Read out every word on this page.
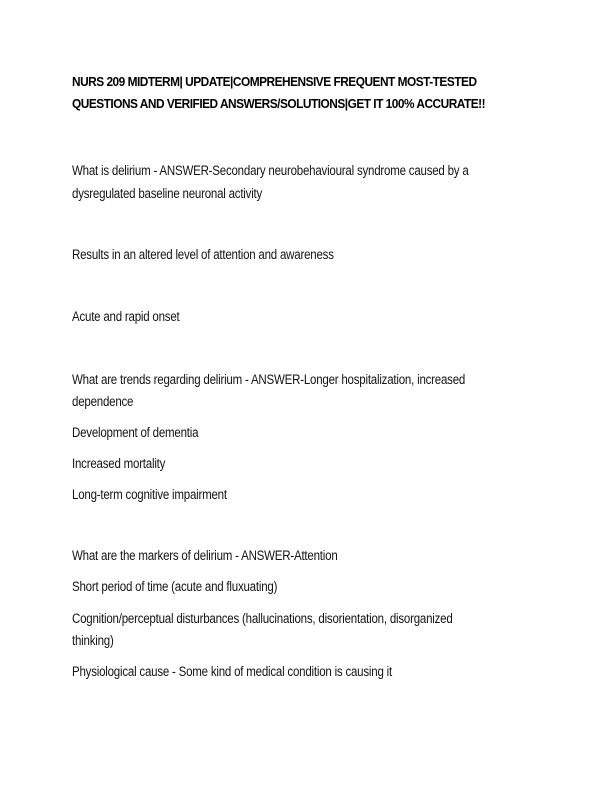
NURS 209 MIDTERM| UPDATE|COMPREHENSIVE FREQUENT MOST-TESTED
QUESTIONS AND VERIFIED ANSWERS/SOLUTIONS|GET IT 100% ACCURATE!!

What is delirium - ANSWER-Secondary neurobehavioural syndrome caused by a

dysregulated baseline neuronal activity

Results in an altered level of attention and awareness

Acute and rapid onset

What are trends regarding delirium - ANSWER-Longer hospitalization, increased

dependence

Development of dementia

Increased mortality

Long-term cognitive impairment

What are the markers of delirium - ANSWER-Attention

Short period of time (acute and fluxuating)

Cognition/perceptual disturbances (hallucinations, disorientation, disorganized

thinking)

Physiological cause - Some kind of medical condition is causing it
